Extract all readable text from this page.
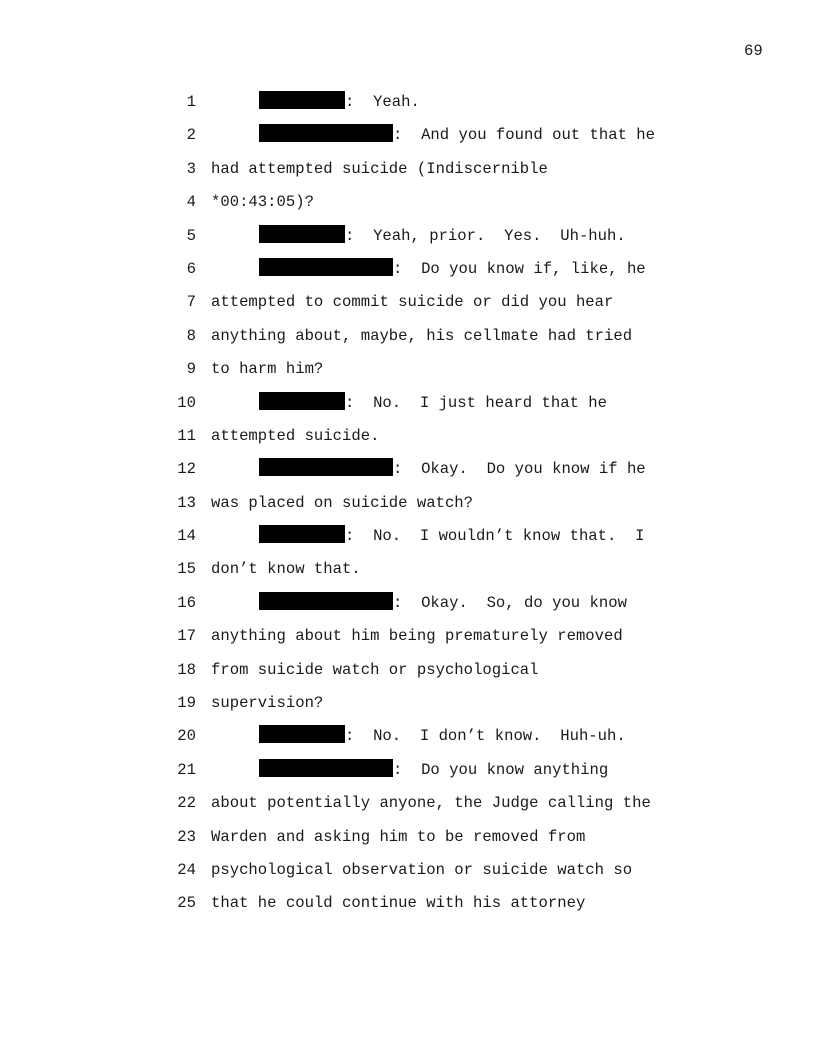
69
1	:  Yeah.
2	:  And you found out that he
3 had attempted suicide (Indiscernible
4 *00:43:05)?
5	:  Yeah, prior.  Yes.  Uh-huh.
6	:  Do you know if, like, he
7 attempted to commit suicide or did you hear
8 anything about, maybe, his cellmate had tried
9 to harm him?
10	:  No.  I just heard that he
11 attempted suicide.
12	:  Okay.  Do you know if he
13 was placed on suicide watch?
14	:  No.  I wouldn’t know that.  I
15 don’t know that.
16	:  Okay.  So, do you know
17 anything about him being prematurely removed
18 from suicide watch or psychological
19 supervision?
20	:  No.  I don’t know.  Huh-uh.
21	:  Do you know anything
22 about potentially anyone, the Judge calling the
23 Warden and asking him to be removed from
24 psychological observation or suicide watch so
25 that he could continue with his attorney
